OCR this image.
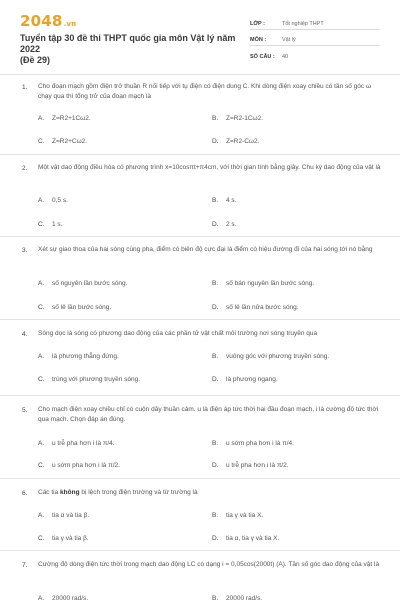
2048.vn
Tuyển tập 30 đề thi THPT quốc gia môn Vật lý năm 2022
(Đề 29)
LỚP :	Tốt nghiệp THPT
MÔN :	Vật lý
SỐ CÂU :	40
1. Cho đoạn mạch gồm điện trở thuần R nối tiếp với tụ điện có điện dung C. Khi dòng điện xoay chiều có tần số góc ω chạy qua thì tổng trở của đoạn mạch là
A. Z=R2+1Cω2.	B. Z=R2-1Cω2.
C. Z=R2+Cω2.	D. Z=R2-Cω2.
2. Một vật dao động điều hòa có phương trình x=10cosπt+π4cm, với thời gian tính bằng giây. Chu kỳ dao động của vật là
A. 0,5 s.	B. 4 s.
C. 1 s.	D. 2 s.
3. Xét sự giao thoa của hai sóng cùng pha, điểm có biên độ cực đại là điểm có hiệu đường đi của hai sóng tới nó bằng
A. số nguyên lần bước sóng.	B. số bán nguyên lần bước sóng.
C. số lẻ lần bước sóng.	D. số lẻ lần nửa bước sóng.
4. Sóng dọc là sóng có phương dao động của các phần tử vật chất môi trường nơi sóng truyền qua
A. là phương thẳng đứng.	B. vuông góc với phương truyền sóng.
C. trùng với phương truyền sóng.	D. là phương ngang.
5. Cho mạch điện xoay chiều chỉ có cuộn dây thuần cảm. u là điện áp tức thời hai đầu đoạn mạch, i là cường độ tức thời qua mạch. Chọn đáp án đúng.
A. u trễ pha hơn i là π/4.	B. u sớm pha hơn i là π/4.
C. u sớm pha hơn i là π/2.	D. u trễ pha hơn i là π/2.
6. Các tia không bị lệch trong điện trường và từ trường là
A. tia α và tia β.	B. tia γ và tia X.
C. tia γ và tia β.	D. tia α, tia γ và tia X.
7. Cường độ dòng điện tức thời trong mạch dao động LC có dạng i = 0,05cos(2000t) (A). Tần số góc dao động của vật là
A. 20000 rad/s.	B. 20000 rad/s.
